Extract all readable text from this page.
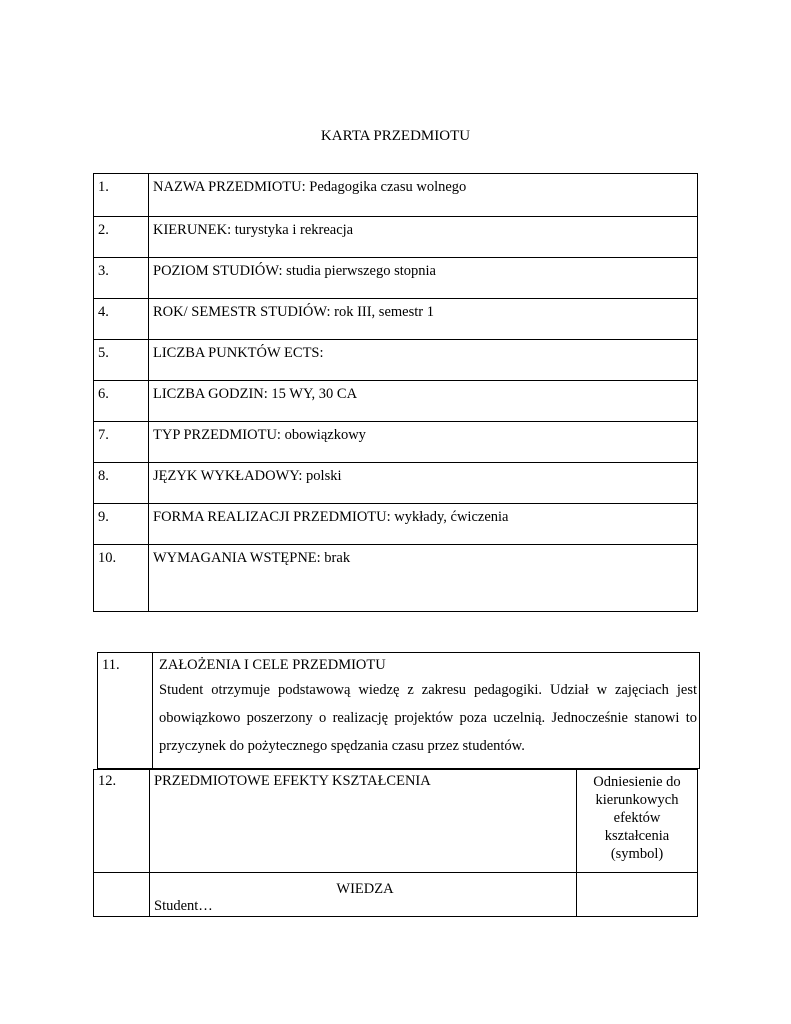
KARTA PRZEDMIOTU
1.	NAZWA PRZEDMIOTU: Pedagogika czasu wolnego
2.	KIERUNEK: turystyka i rekreacja
3.	POZIOM STUDIÓW: studia pierwszego stopnia
4.	ROK/ SEMESTR STUDIÓW: rok III, semestr 1
5.	LICZBA PUNKTÓW ECTS:
6.	LICZBA GODZIN: 15 WY, 30 CA
7.	TYP PRZEDMIOTU: obowiązkowy
8.	JĘZYK WYKŁADOWY: polski
9.	FORMA REALIZACJI PRZEDMIOTU: wykłady, ćwiczenia
10.	WYMAGANIA WSTĘPNE: brak
11.	ZAŁOŻENIA I CELE PRZEDMIOTU
Student otrzymuje podstawową wiedzę z zakresu pedagogiki. Udział w zajęciach jest obowiązkowo poszerzony o realizację projektów poza uczelnią. Jednocześnie stanowi to przyczynek do pożytecznego spędzania czasu przez studentów.
12.	PRZEDMIOTOWE EFEKTY KSZTAŁCENIA	Odniesienie do
kierunkowych
efektów
kształcenia
(symbol)

	WIEDZA
Student…	
